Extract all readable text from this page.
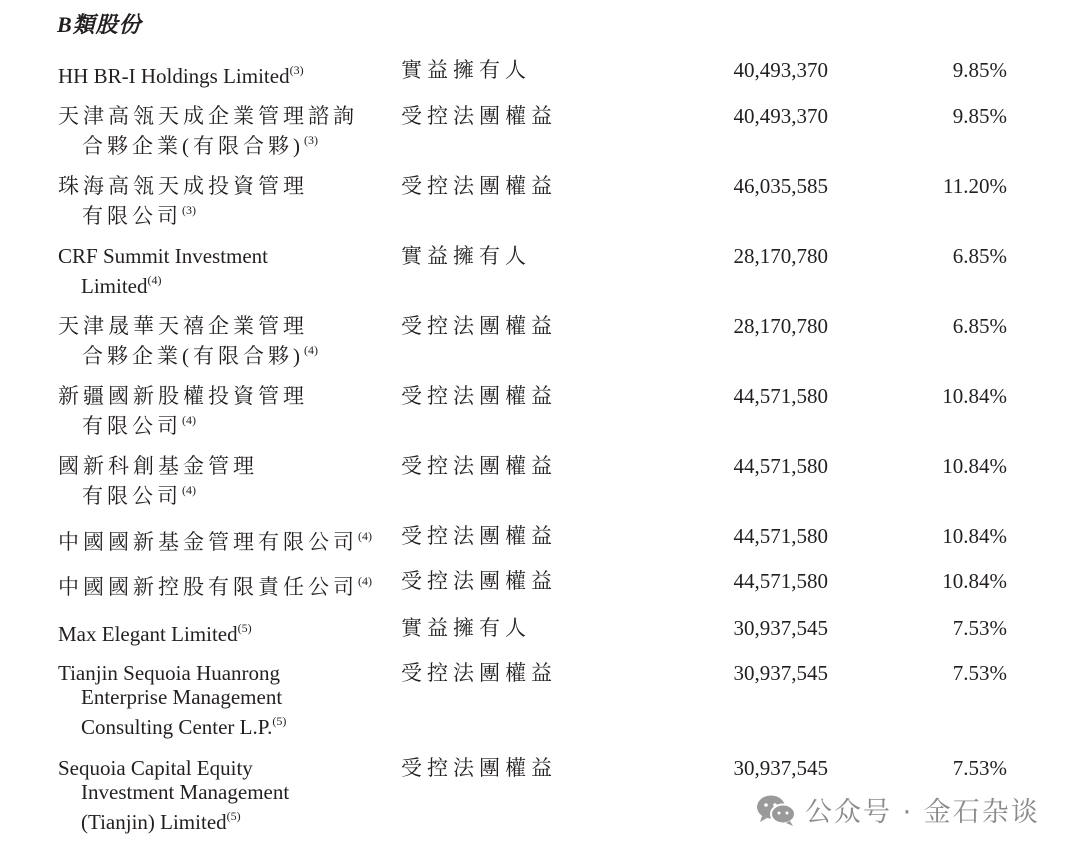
B類股份
HH BR-I Holdings Limited$^{(3)}$	實益擁有人	40,493,370	9.85%
天津高瓴天成企業管理諮詢
合夥企業(有限合夥)$^{(3)}$
受控法團權益	40,493,370	9.85%
珠海高瓴天成投資管理
有限公司$^{(3)}$
受控法團權益	46,035,585	11.20%
CRF Summit Investment
Limited$^{(4)}$
實益擁有人	28,170,780	6.85%
天津晟華天禧企業管理
合夥企業(有限合夥)$^{(4)}$
受控法團權益	28,170,780	6.85%
新疆國新股權投資管理
有限公司$^{(4)}$
受控法團權益	44,571,580	10.84%
國新科創基金管理
有限公司$^{(4)}$
受控法團權益	44,571,580	10.84%
中國國新基金管理有限公司$^{(4)}$	受控法團權益	44,571,580	10.84%
中國國新控股有限責任公司$^{(4)}$	受控法團權益	44,571,580	10.84%
Max Elegant Limited$^{(5)}$	實益擁有人	30,937,545	7.53%
Tianjin Sequoia Huanrong
Enterprise Management
Consulting Center L.P.$^{(5)}$
受控法團權益	30,937,545	7.53%
Sequoia Capital Equity
Investment Management
(Tianjin) Limited$^{(5)}$
受控法團權益	30,937,545	7.53%
公众号 · 金石杂谈
